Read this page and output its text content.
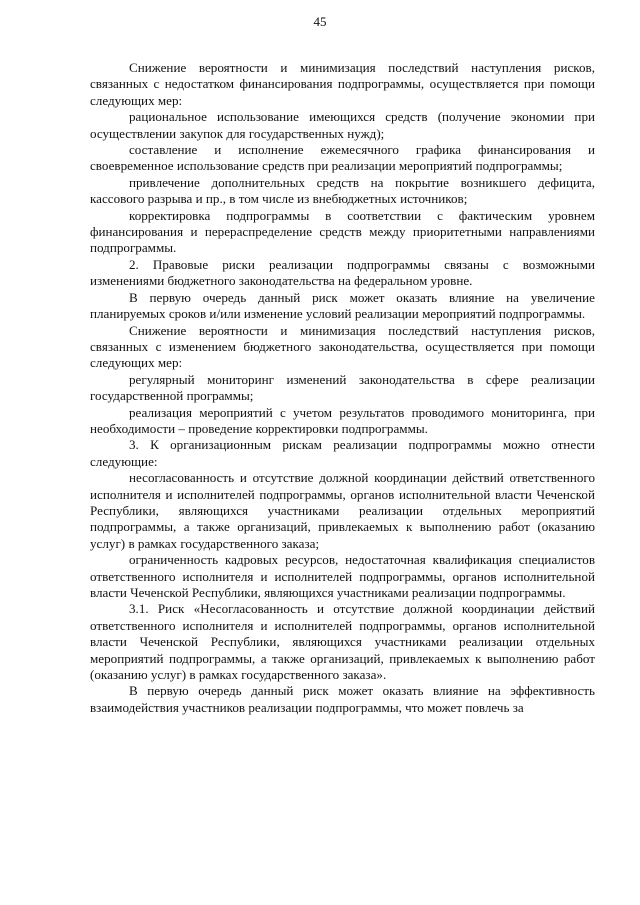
45

Снижение вероятности и минимизация последствий наступления рисков, связанных с недостатком финансирования подпрограммы, осуществляется при помощи следующих мер:

рациональное использование имеющихся средств (получение экономии при осуществлении закупок для государственных нужд);

составление и исполнение ежемесячного графика финансирования и своевременное использование средств при реализации мероприятий подпрограммы;

привлечение дополнительных средств на покрытие возникшего дефицита, кассового разрыва и пр., в том числе из внебюджетных источников;

корректировка подпрограммы в соответствии с фактическим уровнем финансирования и перераспределение средств между приоритетными направлениями подпрограммы.

2. Правовые риски реализации подпрограммы связаны с возможными изменениями бюджетного законодательства на федеральном уровне.

В первую очередь данный риск может оказать влияние на увеличение планируемых сроков и/или изменение условий реализации мероприятий подпрограммы.

Снижение вероятности и минимизация последствий наступления рисков, связанных с изменением бюджетного законодательства, осуществляется при помощи следующих мер:

регулярный мониторинг изменений законодательства в сфере реализации государственной программы;

реализация мероприятий с учетом результатов проводимого мониторинга, при необходимости – проведение корректировки подпрограммы.

3. К организационным рискам реализации подпрограммы можно отнести следующие:

несогласованность и отсутствие должной координации действий ответственного исполнителя и исполнителей подпрограммы, органов исполнительной власти Чеченской Республики, являющихся участниками реализации отдельных мероприятий подпрограммы, а также организаций, привлекаемых к выполнению работ (оказанию услуг) в рамках государственного заказа;

ограниченность кадровых ресурсов, недостаточная квалификация специалистов ответственного исполнителя и исполнителей подпрограммы, органов исполнительной власти Чеченской Республики, являющихся участниками реализации подпрограммы.

3.1. Риск «Несогласованность и отсутствие должной координации действий ответственного исполнителя и исполнителей подпрограммы, органов исполнительной власти Чеченской Республики, являющихся участниками реализации отдельных мероприятий подпрограммы, а также организаций, привлекаемых к выполнению работ (оказанию услуг) в рамках государственного заказа».

В первую очередь данный риск может оказать влияние на эффективность взаимодействия участников реализации подпрограммы, что может повлечь за
